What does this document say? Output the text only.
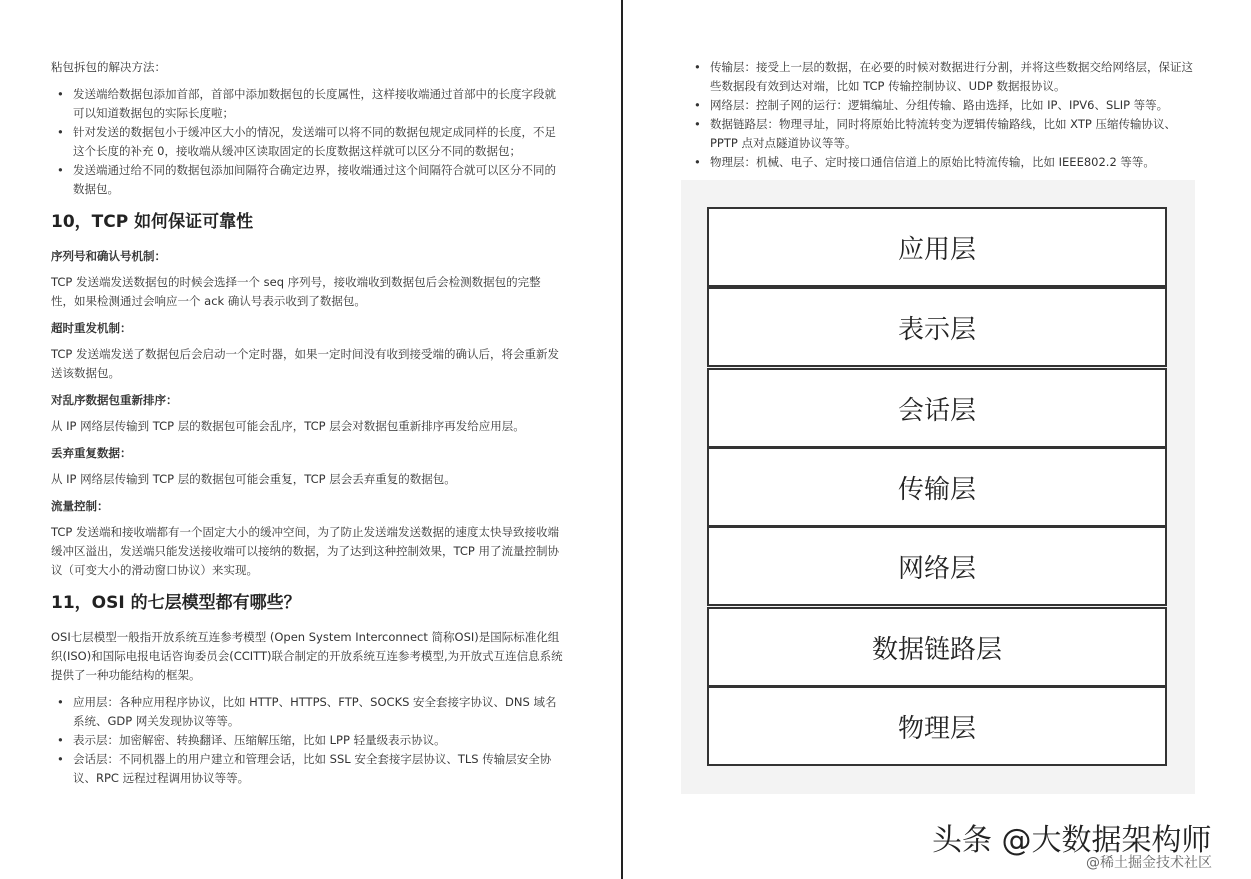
粘包拆包的解决方法：

• 发送端给数据包添加首部，首部中添加数据包的长度属性，这样接收端通过首部中的长度字段就可以知道数据包的实际长度啦；
• 针对发送的数据包小于缓冲区大小的情况，发送端可以将不同的数据包规定成同样的长度，不足这个长度的补充 0，接收端从缓冲区读取固定的长度数据这样就可以区分不同的数据包；
• 发送端通过给不同的数据包添加间隔符合确定边界，接收端通过这个间隔符合就可以区分不同的数据包。
10，TCP 如何保证可靠性

序列号和确认号机制：

TCP 发送端发送数据包的时候会选择一个 seq 序列号，接收端收到数据包后会检测数据包的完整性，如果检测通过会响应一个 ack 确认号表示收到了数据包。

超时重发机制：

TCP 发送端发送了数据包后会启动一个定时器，如果一定时间没有收到接受端的确认后，将会重新发送该数据包。

对乱序数据包重新排序：

从 IP 网络层传输到 TCP 层的数据包可能会乱序，TCP 层会对数据包重新排序再发给应用层。

丢弃重复数据：

从 IP 网络层传输到 TCP 层的数据包可能会重复，TCP 层会丢弃重复的数据包。

流量控制：

TCP 发送端和接收端都有一个固定大小的缓冲空间，为了防止发送端发送数据的速度太快导致接收端缓冲区溢出，发送端只能发送接收端可以接纳的数据，为了达到这种控制效果，TCP 用了流量控制协议（可变大小的滑动窗口协议）来实现。

11，OSI 的七层模型都有哪些？

OSI七层模型一般指开放系统互连参考模型 (Open System Interconnect 简称OSI)是国际标准化组织(ISO)和国际电报电话咨询委员会(CCITT)联合制定的开放系统互连参考模型,为开放式互连信息系统提供了一种功能结构的框架。

• 应用层：各种应用程序协议，比如 HTTP、HTTPS、FTP、SOCKS 安全套接字协议、DNS 域名系统、GDP 网关发现协议等等。
• 表示层：加密解密、转换翻译、压缩解压缩，比如 LPP 轻量级表示协议。
• 会话层：不同机器上的用户建立和管理会话，比如 SSL 安全套接字层协议、TLS 传输层安全协议、RPC 远程过程调用协议等等。
• 传输层：接受上一层的数据，在必要的时候对数据进行分割，并将这些数据交给网络层，保证这些数据段有效到达对端，比如 TCP 传输控制协议、UDP 数据报协议。
• 网络层：控制子网的运行：逻辑编址、分组传输、路由选择，比如 IP、IPV6、SLIP 等等。
• 数据链路层：物理寻址，同时将原始比特流转变为逻辑传输路线，比如 XTP 压缩传输协议、PPTP 点对点隧道协议等等。
• 物理层：机械、电子、定时接口通信信道上的原始比特流传输，比如 IEEE802.2 等等。
应用层
表示层
会话层
传输层
网络层
数据链路层
物理层
头条 @大数据架构师
@稀土掘金技术社区
